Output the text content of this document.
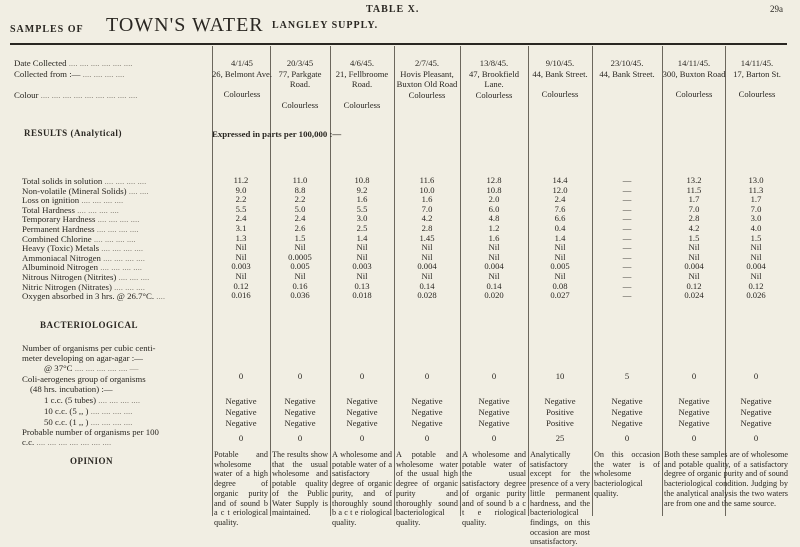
29a
SAMPLES OF TOWN'S WATER LANGLEY SUPPLY.
TABLE X.
Date Collected .... .... .... .... .... ....
Collected from :— .... .... .... ....
Colour .... .... .... .... .... .... .... .... ....
4/1/45
26, Belmont Ave.
Colourless
20/3/45
77, Parkgate Road.
Colourless
4/6/45.
21, Fellbroome Road.
Colourless
2/7/45.
Hovis Pleasant, Buxton Old Road
Colourless
13/8/45.
47, Brookfield Lane.
Colourless
9/10/45.
44, Bank Street.
Colourless
23/10/45.
44, Bank Street.
14/11/45.
300, Buxton Road
Colourless
14/11/45.
17, Barton St.
Colourless
RESULTS (Analytical)	Expressed in parts per 100,000 :—
Total solids in solution .... .... .... ....
Non-volatile (Mineral Solids) .... ....
Loss on ignition .... .... .... ....
Total Hardness .... .... .... ....
Temporary Hardness .... .... .... ....
Permanent Hardness .... .... .... ....
Combined Chlorine .... .... .... ....
Heavy (Toxic) Metals .... .... .... ....
Ammoniacal Nitrogen .... .... .... ....
Albuminoid Nitrogen .... .... .... ....
Nitrous Nitrogen (Nitrites) .... .... ....
Nitric Nitrogen (Nitrates) .... .... ....
Oxygen absorbed in 3 hrs. @ 26.7°C. ....
11.2
9.0
2.2
5.5
2.4
3.1
1.3
Nil
Nil
0.003
Nil
0.12
0.016
11.0
8.8
2.2
5.0
2.4
2.6
1.5
Nil
0.0005
0.005
Nil
0.16
0.036
10.8
9.2
1.6
5.5
3.0
2.5
1.4
Nil
Nil
0.003
Nil
0.13
0.018
11.6
10.0
1.6
7.0
4.2
2.8
1.45
Nil
Nil
0.004
Nil
0.14
0.028
12.8
10.8
2.0
6.0
4.8
1.2
1.6
Nil
Nil
0.004
Nil
0.14
0.020
14.4
12.0
2.4
7.6
6.6
0.4
1.4
Nil
Nil
0.005
Nil
0.08
0.027
—
—
—
—
—
—
—
—
—
—
—
—
—
13.2
11.5
1.7
7.0
2.8
4.2
1.5
Nil
Nil
0.004
Nil
0.12
0.024
13.0
11.3
1.7
7.0
3.0
4.0
1.5
Nil
Nil
0.004
Nil
0.12
0.026
BACTERIOLOGICAL
Number of organisms per cubic centi-
meter developing on agar-agar :—
@ 37°C .... .... .... .... .... —
Coli-aerogenes group of organisms
(48 hrs. incubation) :—
1 c.c. (5 tubes) .... .... .... ....
10 c.c. (5 ,, ) .... .... .... ....
50 c.c. (1 ,, ) .... .... .... ....
Probable number of organisms per 100
c.c. .... .... .... .... .... .... ....
0
Negative
Negative
Negative
0
0
Negative
Negative
Negative
0
0
Negative
Negative
Negative
0
0
Negative
Negative
Negative
0
0
Negative
Negative
Negative
0
10
Negative
Positive
Positive
25
5
Negative
Negative
Negative
0
0
Negative
Negative
Negative
0
0
Negative
Negative
Negative
0
OPINION
Potable and wholesome water of a high degree of organic purity and of sound b a c t eriological quality.
The results show that the usual wholesome and potable quality of the Public Water Supply is maintained.
A wholesome and potable water of a satisfactory degree of organic purity, and of thoroughly sound b a c t e riological quality.
A potable and wholesome water of the usual high degree of organic purity and thoroughly sound bacteriological quality.
A wholesome and potable water of the usual satisfactory degree of organic purity and of sound b a c t e riological quality.
Analytically satisfactory except for the presence of a very little permanent hardness, and the bacteriological findings, on this occasion are most unsatisfactory.
On this occasion the water is of wholesome bacteriological quality.
Both these samples are of wholesome and potable quality, of a satisfactory degree of organic purity and of sound bacteriological condition. Judging by the analytical analysis the two waters are from one and the same source.
